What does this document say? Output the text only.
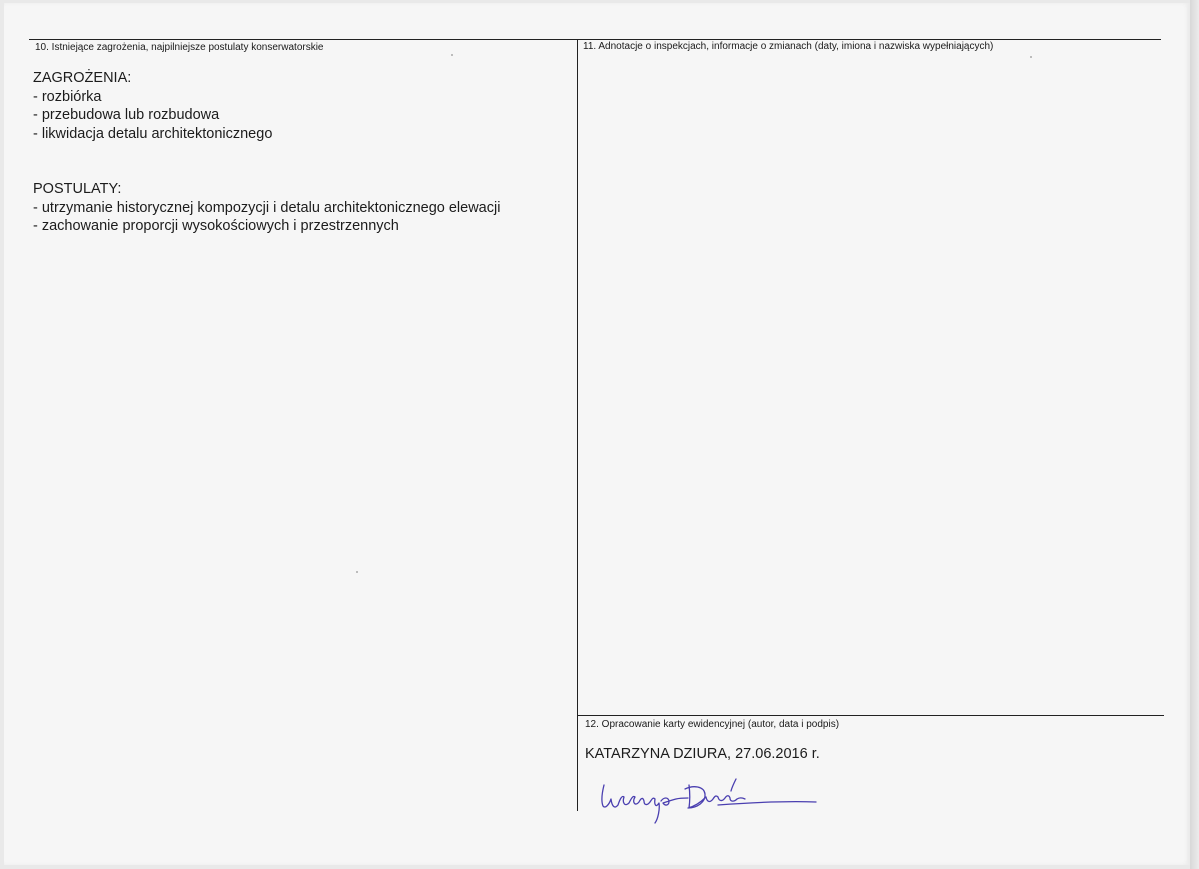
10. Istniejące zagrożenia, najpilniejsze postulaty konserwatorskie	11. Adnotacje o inspekcjach, informacje o zmianach (daty, imiona i nazwiska wypełniających)
12. Opracowanie karty ewidencyjnej (autor, data i podpis)
ZAGROŻENIA:
- rozbiórka
- przebudowa lub rozbudowa
- likwidacja detalu architektonicznego
POSTULATY:
- utrzymanie historycznej kompozycji i detalu architektonicznego elewacji
- zachowanie proporcji wysokościowych i przestrzennych
KATARZYNA DZIURA, 27.06.2016 r.
